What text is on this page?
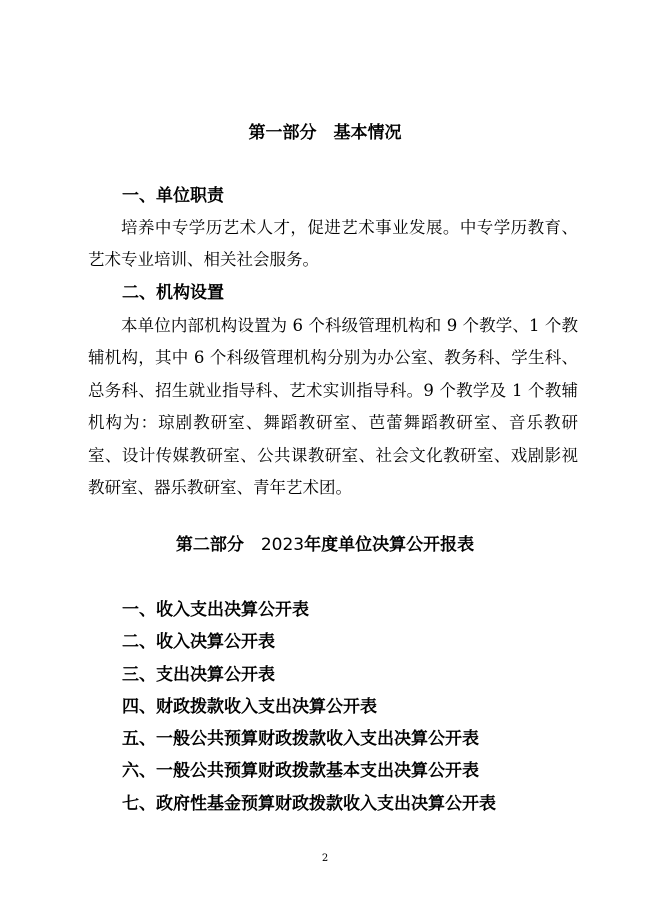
第一部分　基本情况
一、单位职责

培养中专学历艺术人才，促进艺术事业发展。中专学历教育、艺术专业培训、相关社会服务。

二、机构设置

本单位内部机构设置为 6 个科级管理机构和 9 个教学、1 个教辅机构，其中 6 个科级管理机构分别为办公室、教务科、学生科、总务科、招生就业指导科、艺术实训指导科。9 个教学及 1 个教辅机构为：琼剧教研室、舞蹈教研室、芭蕾舞蹈教研室、音乐教研室、设计传媒教研室、公共课教研室、社会文化教研室、戏剧影视教研室、器乐教研室、青年艺术团。

第二部分　2023年度单位决算公开报表
一、收入支出决算公开表
二、收入决算公开表
三、支出决算公开表
四、财政拨款收入支出决算公开表
五、一般公共预算财政拨款收入支出决算公开表
六、一般公共预算财政拨款基本支出决算公开表
七、政府性基金预算财政拨款收入支出决算公开表
2
